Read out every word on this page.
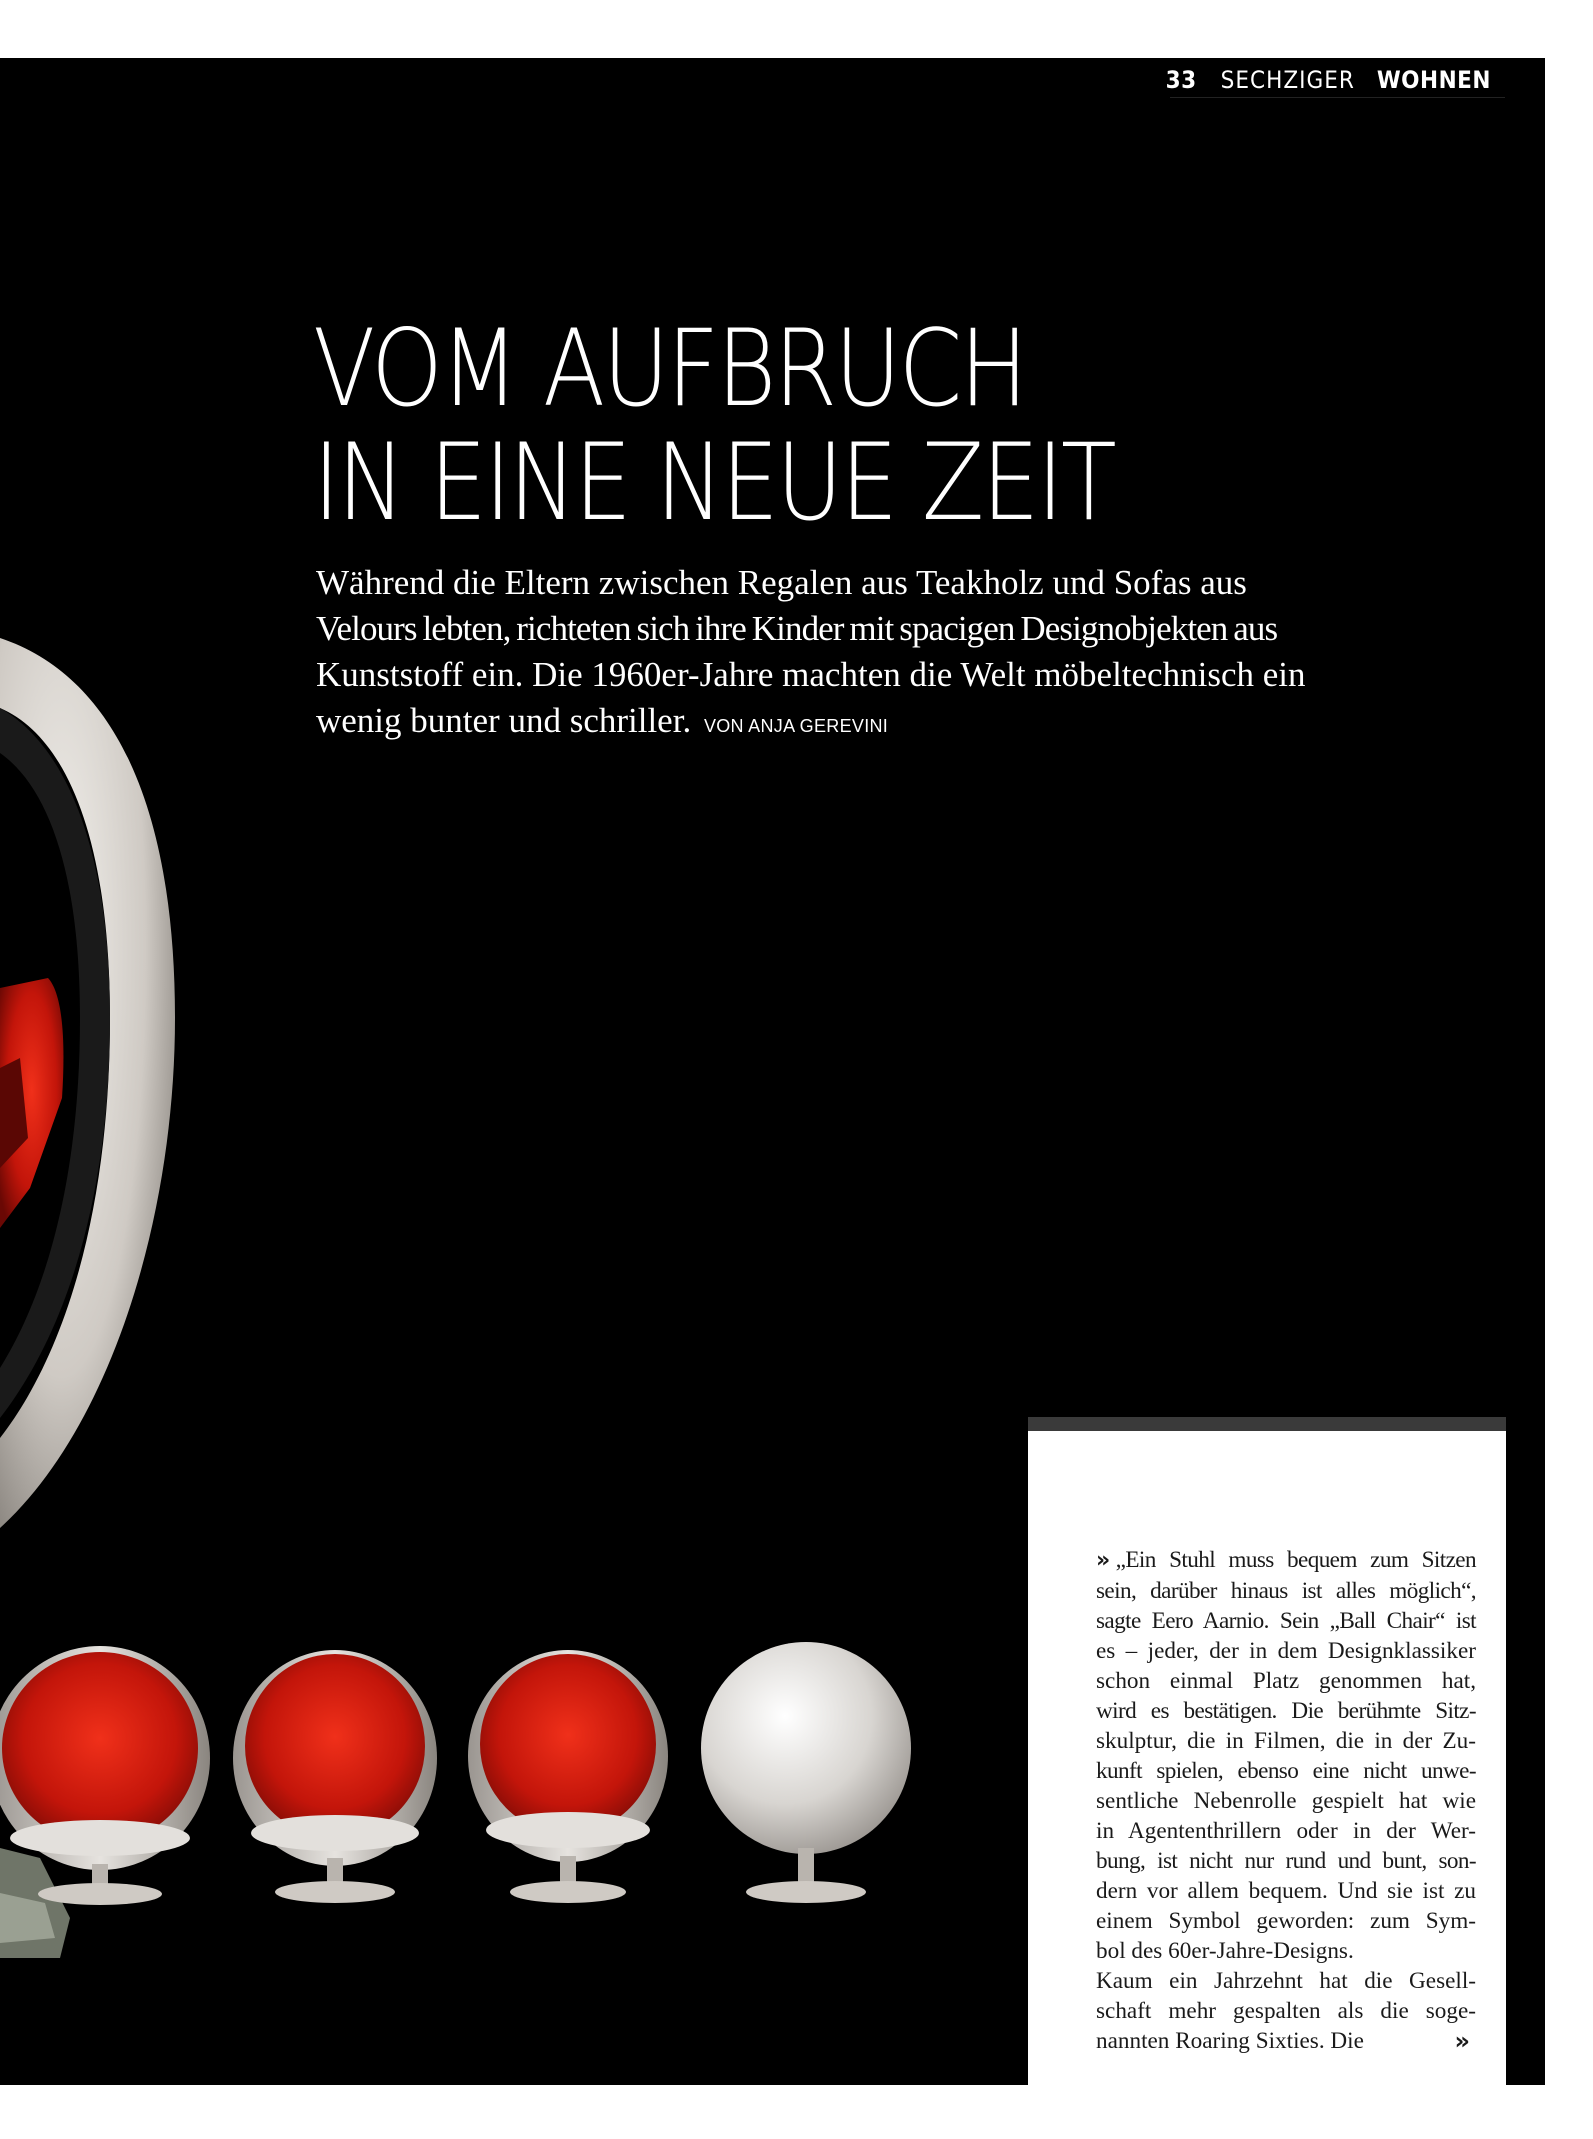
VOM AUFBRUCH
IN EINE NEUE ZEIT

Während die Eltern zwischen Regalen aus Teakholz und Sofas aus
Velours lebten, richteten sich ihre Kinder mit spacigen Designobjekten aus
Kunststoff ein. Die 1960er-Jahre machten die Welt möbeltechnisch ein
wenig bunter und schriller. VON ANJA GEREVINI

33 SECHZIGER WOHNEN
» „Ein Stuhl muss bequem zum Sitzen
sein, darüber hinaus ist alles möglich“,
sagte Eero Aarnio. Sein „Ball Chair“ ist
es – jeder, der in dem Designklassiker
schon einmal Platz genommen hat,
wird es bestätigen. Die berühmte Sitz-
skulptur, die in Filmen, die in der Zu-
kunft spielen, ebenso eine nicht unwe-
sentliche Nebenrolle gespielt hat wie
in Agententhrillern oder in der Wer-
bung, ist nicht nur rund und bunt, son-
dern vor allem bequem. Und sie ist zu
einem Symbol geworden: zum Sym-
bol des 60er-Jahre-Designs.
Kaum ein Jahrzehnt hat die Gesell-
schaft mehr gespalten als die soge-
nannten Roaring Sixties. Die	»
